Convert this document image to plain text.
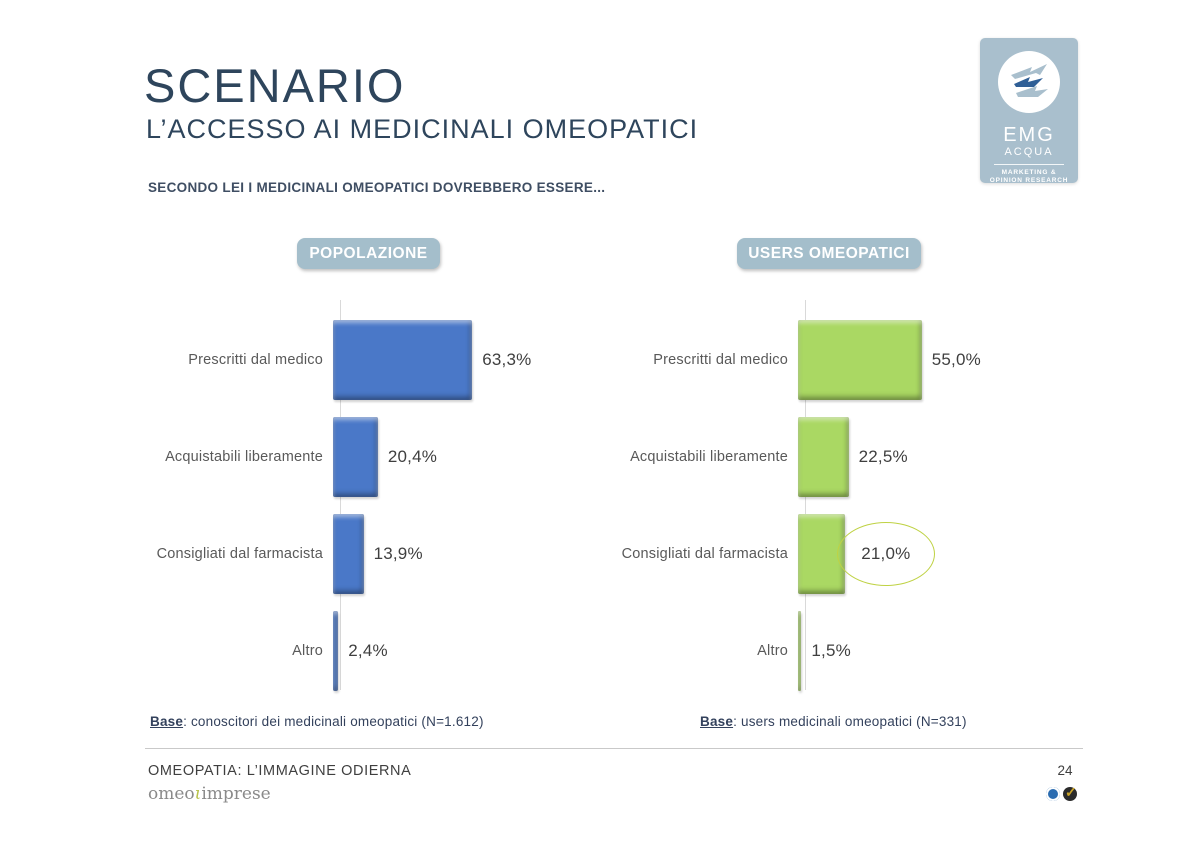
SCENARIO
L’ACCESSO AI MEDICINALI OMEOPATICI
SECONDO LEI I MEDICINALI OMEOPATICI DOVREBBERO ESSERE...
EMG
ACQUA
MARKETING &
OPINION RESEARCH
POPOLAZIONE	USERS OMEOPATICI
Prescritti dal medico	63,3%
Acquistabili liberamente	20,4%
Consigliati dal farmacista	13,9%
Altro	2,4%
Prescritti dal medico	55,0%
Acquistabili liberamente	22,5%
Consigliati dal farmacista	21,0%
Altro	1,5%
Base: conoscitori dei medicinali omeopatici (N=1.612)	Base: users medicinali omeopatici (N=331)
OMEOPATIA: L’IMMAGINE ODIERNA
omeoιimprese
24
✓
